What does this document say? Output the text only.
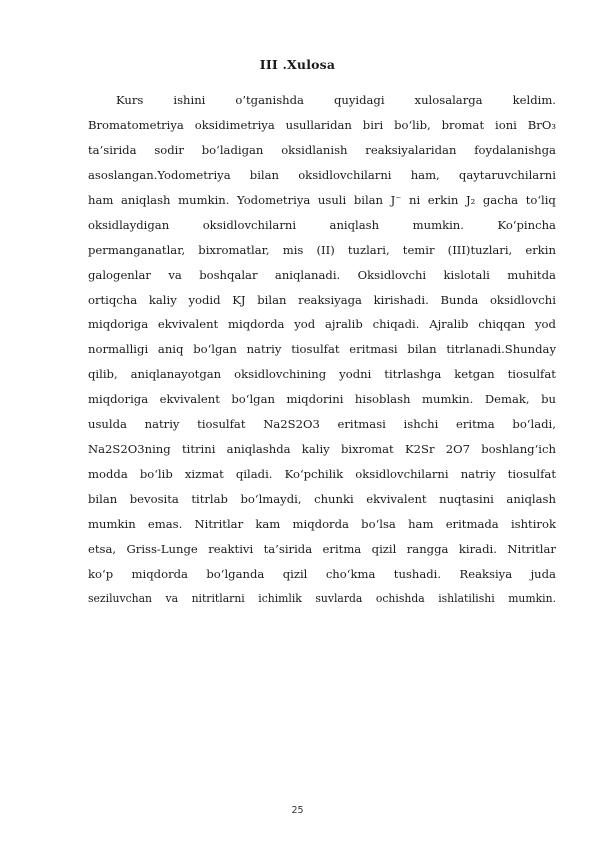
III .Xulosa
Kurs	ishini	o’tganishda	quyidagi	xulosalarga	keldim.
Bromatometriya oksidimetriya usullaridan biri bo‘lib, bromat ioni BrO₃
ta’sirida sodir bo‘ladigan oksidlanish reaksiyalaridan foydalanishga
asoslangan.Yodometriya bilan oksidlovchilarni ham, qaytaruvchilarni
ham aniqlash mumkin. Yodometriya usuli bilan J⁻ ni erkin J₂ gacha to‘liq
oksidlaydigan	oksidlovchilarni	aniqlash	mumkin.	Ko‘pincha
permanganatlar, bixromatlar, mis (II) tuzlari, temir (III)tuzlari, erkin
galogenlar va boshqalar aniqlanadi. Oksidlovchi kislotali muhitda
ortiqcha kaliy yodid KJ bilan reaksiyaga kirishadi. Bunda oksidlovchi
miqdoriga ekvivalent miqdorda yod ajralib chiqadi. Ajralib chiqqan yod
normalligi aniq bo‘lgan natriy tiosulfat eritmasi bilan titrlanadi.Shunday
qilib, aniqlanayotgan oksidlovchining yodni titrlashga ketgan tiosulfat
miqdoriga ekvivalent bo‘lgan miqdorini hisoblash mumkin. Demak, bu
usulda natriy tiosulfat Na2S2O3 eritmasi ishchi eritma bo‘ladi,
Na2S2O3ning titrini aniqlashda kaliy bixromat K2Sr 2O7 boshlang‘ich
modda bo‘lib xizmat qiladi. Ko‘pchilik oksidlovchilarni natriy tiosulfat
bilan bevosita titrlab bo‘lmaydi, chunki ekvivalent nuqtasini aniqlash
mumkin emas. Nitritlar kam miqdorda bo‘lsa ham eritmada ishtirok
etsa, Griss-Lunge reaktivi ta’sirida eritma qizil rangga kiradi. Nitritlar
ko‘p miqdorda bo‘lganda qizil cho‘kma tushadi. Reaksiya juda
seziluvchan va nitritlarni ichimlik suvlarda ochishda ishlatilishi mumkin.
25
